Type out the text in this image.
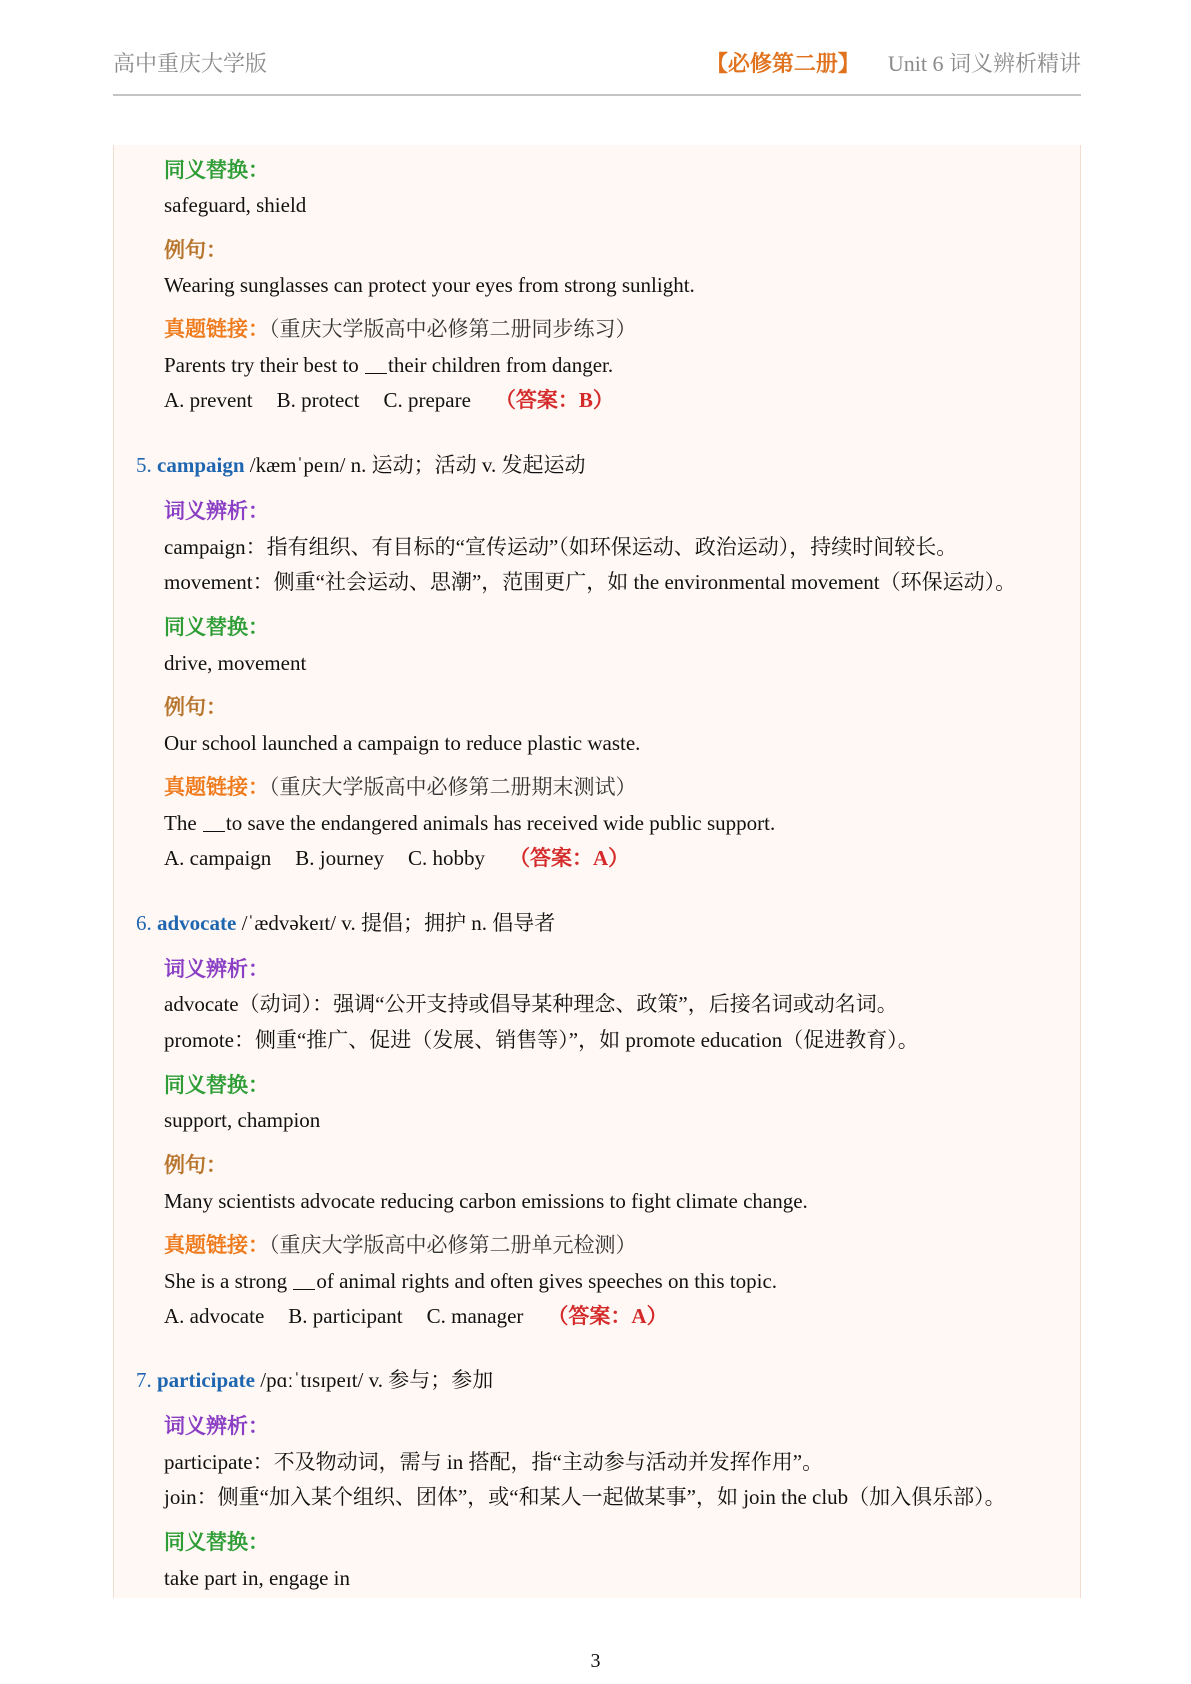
高中重庆大学版	【必修第二册】 Unit 6 词义辨析精讲
同义替换：
safeguard, shield
例句：
Wearing sunglasses can protect your eyes from strong sunlight.
真题链接：（重庆大学版高中必修第二册同步练习）
Parents try their best to their children from danger.
A. prevent B. protect C. prepare （答案：B）
5. campaign /kæmˈpeɪn/ n. 运动；活动 v. 发起运动
词义辨析：
campaign：指有组织、有目标的“宣传运动”（如环保运动、政治运动），持续时间较长。
movement：侧重“社会运动、思潮”，范围更广，如 the environmental movement（环保运动）。
同义替换：
drive, movement
例句：
Our school launched a campaign to reduce plastic waste.
真题链接：（重庆大学版高中必修第二册期末测试）
The to save the endangered animals has received wide public support.
A. campaign B. journey C. hobby （答案：A）
6. advocate /ˈædvəkeɪt/ v. 提倡；拥护 n. 倡导者
词义辨析：
advocate（动词）：强调“公开支持或倡导某种理念、政策”，后接名词或动名词。
promote：侧重“推广、促进（发展、销售等）”，如 promote education（促进教育）。
同义替换：
support, champion
例句：
Many scientists advocate reducing carbon emissions to fight climate change.
真题链接：（重庆大学版高中必修第二册单元检测）
She is a strong of animal rights and often gives speeches on this topic.
A. advocate B. participant C. manager （答案：A）
7. participate /pɑːˈtɪsɪpeɪt/ v. 参与；参加
词义辨析：
participate：不及物动词，需与 in 搭配，指“主动参与活动并发挥作用”。
join：侧重“加入某个组织、团体”，或“和某人一起做某事”，如 join the club（加入俱乐部）。
同义替换：
take part in, engage in
3
